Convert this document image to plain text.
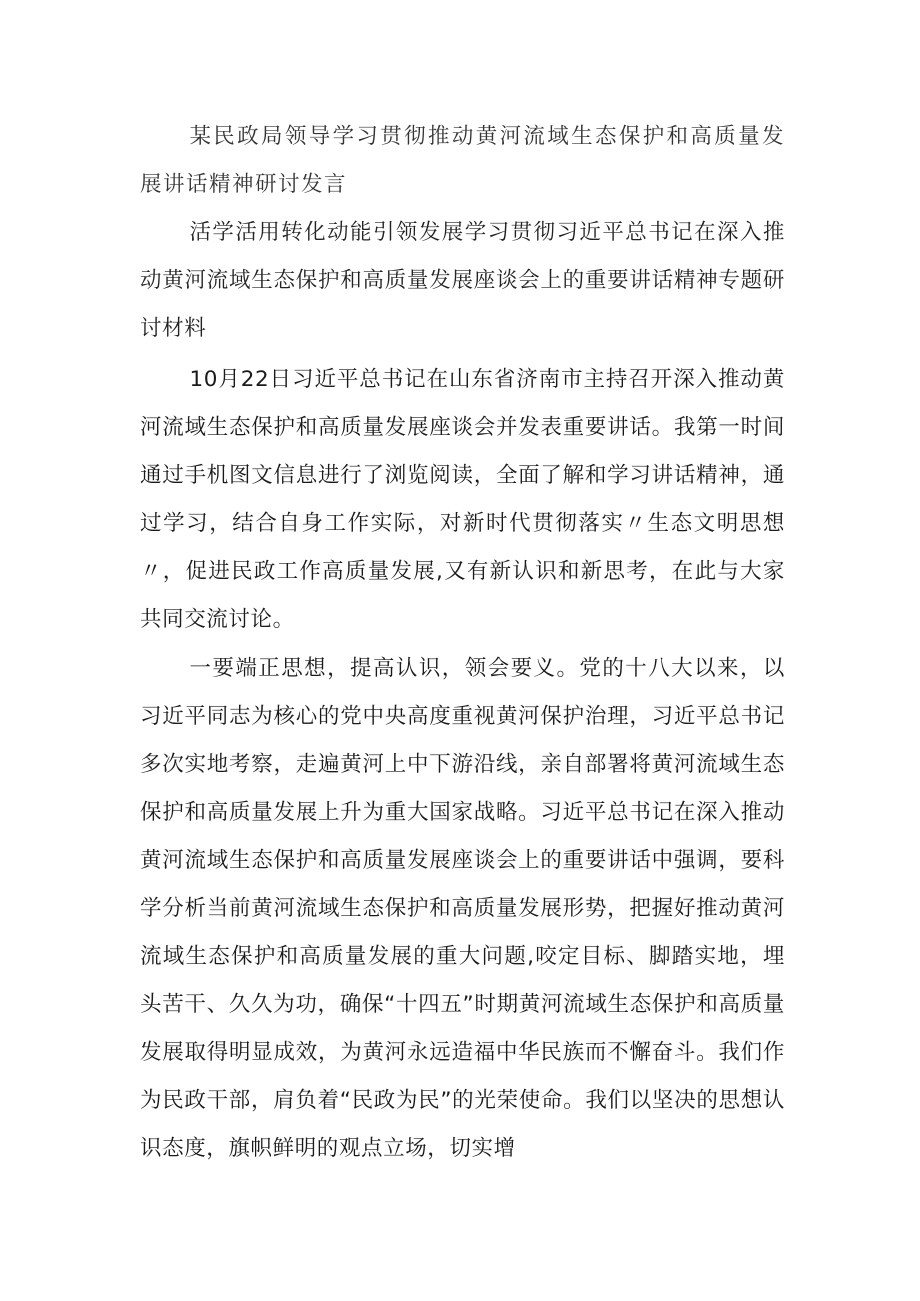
某民政局领导学习贯彻推动黄河流域生态保护和高质量发展讲话精神研讨发言

活学活用转化动能引领发展学习贯彻习近平总书记在深入推动黄河流域生态保护和高质量发展座谈会上的重要讲话精神专题研讨材料

10月22日习近平总书记在山东省济南市主持召开深入推动黄河流域生态保护和高质量发展座谈会并发表重要讲话。我第一时间通过手机图文信息进行了浏览阅读，全面了解和学习讲话精神，通过学习，结合自身工作实际，对新时代贯彻落实〃生态文明思想〃，促进民政工作高质量发展,又有新认识和新思考，在此与大家共同交流讨论。

一要端正思想，提高认识，领会要义。党的十八大以来，以习近平同志为核心的党中央高度重视黄河保护治理，习近平总书记多次实地考察，走遍黄河上中下游沿线，亲自部署将黄河流域生态保护和高质量发展上升为重大国家战略。习近平总书记在深入推动黄河流域生态保护和高质量发展座谈会上的重要讲话中强调，要科学分析当前黄河流域生态保护和高质量发展形势，把握好推动黄河流域生态保护和高质量发展的重大问题,咬定目标、脚踏实地，埋头苦干、久久为功，确保“十四五”时期黄河流域生态保护和高质量发展取得明显成效，为黄河永远造福中华民族而不懈奋斗。我们作为民政干部，肩负着“民政为民”的光荣使命。我们以坚决的思想认识态度，旗帜鲜明的观点立场，切实增
